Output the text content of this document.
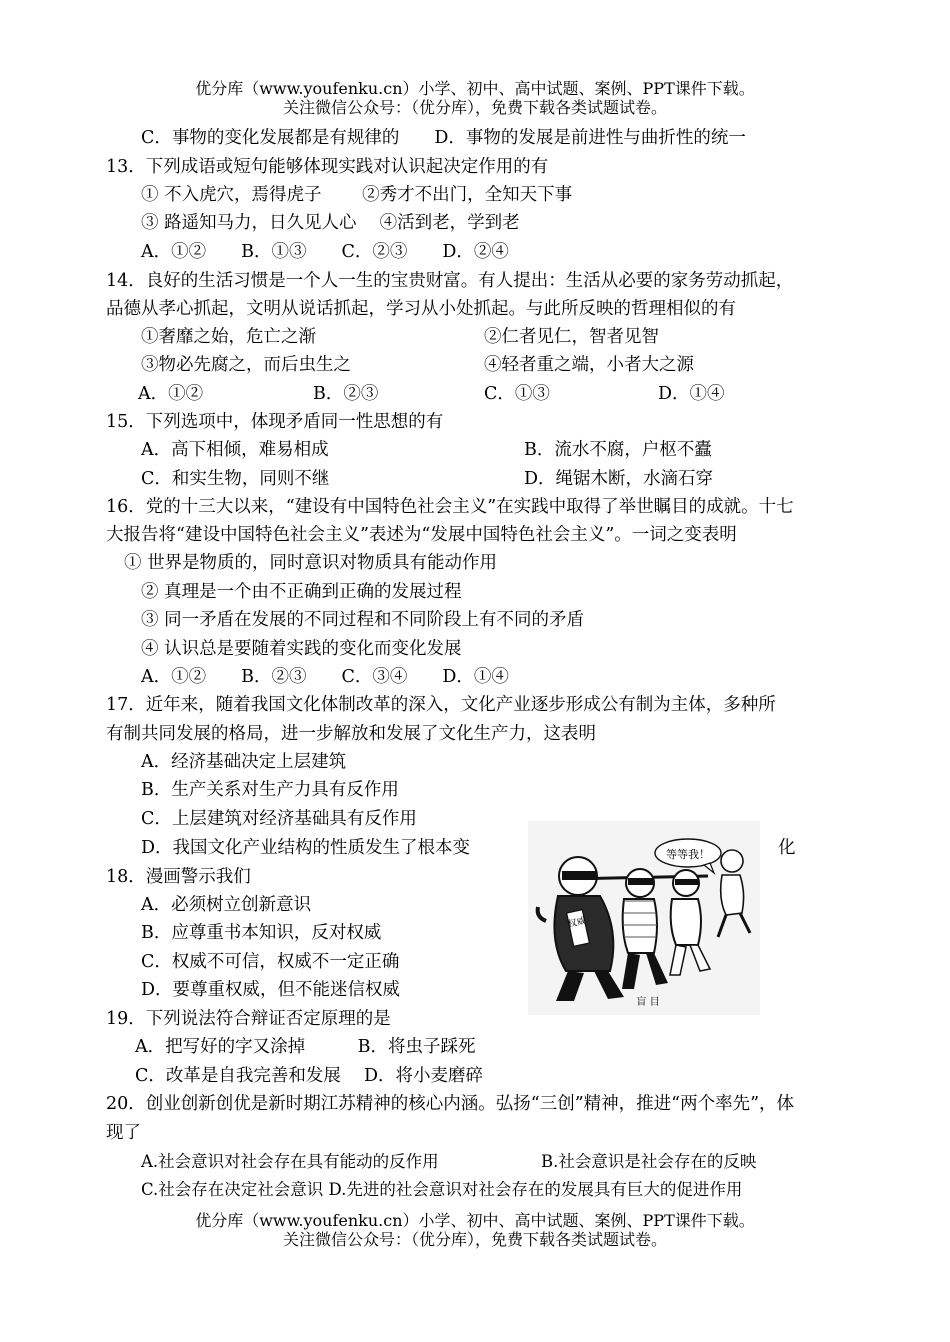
优分库（www.youfenku.cn）小学、初中、高中试题、案例、PPT课件下载。
关注微信公众号：（优分库），免费下载各类试题试卷。
C．事物的变化发展都是有规律的　　D．事物的发展是前进性与曲折性的统一
13．下列成语或短句能够体现实践对认识起决定作用的有
① 不入虎穴，焉得虎子　　 ②秀才不出门，全知天下事
③ 路遥知马力，日久见人心　 ④活到老，学到老
A．①②　　B．①③　　C．②③　　D．②④
14．良好的生活习惯是一个人一生的宝贵财富。有人提出：生活从必要的家务劳动抓起，
品德从孝心抓起，文明从说话抓起，学习从小处抓起。与此所反映的哲理相似的有
①奢靡之始，危亡之渐	②仁者见仁，智者见智
③物必先腐之，而后虫生之	④轻者重之端，小者大之源
A．①②	B．②③	C．①③	D．①④
15．下列选项中，体现矛盾同一性思想的有
A．高下相倾，难易相成	B．流水不腐，户枢不蠹
C．和实生物，同则不继	D．绳锯木断，水滴石穿
16．党的十三大以来，“建设有中国特色社会主义”在实践中取得了举世瞩目的成就。十七
大报告将“建设中国特色社会主义”表述为“发展中国特色社会主义”。一词之变表明
① 世界是物质的，同时意识对物质具有能动作用
② 真理是一个由不正确到正确的发展过程
③ 同一矛盾在发展的不同过程和不同阶段上有不同的矛盾
④ 认识总是要随着实践的变化而变化发展
A．①②　　B．②③　　C．③④　　D．①④
17．近年来，随着我国文化体制改革的深入，文化产业逐步形成公有制为主体，多种所
有制共同发展的格局，进一步解放和发展了文化生产力，这表明
A．经济基础决定上层建筑
B．生产关系对生产力具有反作用
C．上层建筑对经济基础具有反作用
D．我国文化产业结构的性质发生了根本变	化
等等我！
权威
盲 目
18．漫画警示我们
A．必须树立创新意识
B．应尊重书本知识，反对权威
C．权威不可信，权威不一定正确
D．要尊重权威，但不能迷信权威
19．下列说法符合辩证否定原理的是
A．把写好的字又涂掉　　　B．将虫子踩死
C．改革是自我完善和发展　 D．将小麦磨碎
20．创业创新创优是新时期江苏精神的核心内涵。弘扬“三创”精神，推进“两个率先”，体
现了
A.社会意识对社会存在具有能动的反作用	B.社会意识是社会存在的反映
C.社会存在决定社会意识 D.先进的社会意识对社会存在的发展具有巨大的促进作用
优分库（www.youfenku.cn）小学、初中、高中试题、案例、PPT课件下载。
关注微信公众号：（优分库），免费下载各类试题试卷。
